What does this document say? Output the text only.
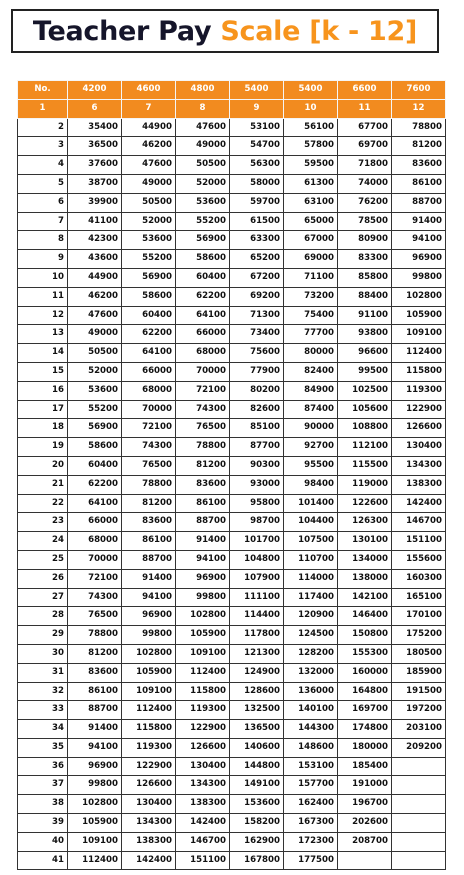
Teacher Pay Scale [k - 12]
No.	4200	4600	4800	5400	5400	6600	7600
1	6	7	8	9	10	11	12
2	35400	44900	47600	53100	56100	67700	78800
3	36500	46200	49000	54700	57800	69700	81200
4	37600	47600	50500	56300	59500	71800	83600
5	38700	49000	52000	58000	61300	74000	86100
6	39900	50500	53600	59700	63100	76200	88700
7	41100	52000	55200	61500	65000	78500	91400
8	42300	53600	56900	63300	67000	80900	94100
9	43600	55200	58600	65200	69000	83300	96900
10	44900	56900	60400	67200	71100	85800	99800
11	46200	58600	62200	69200	73200	88400	102800
12	47600	60400	64100	71300	75400	91100	105900
13	49000	62200	66000	73400	77700	93800	109100
14	50500	64100	68000	75600	80000	96600	112400
15	52000	66000	70000	77900	82400	99500	115800
16	53600	68000	72100	80200	84900	102500	119300
17	55200	70000	74300	82600	87400	105600	122900
18	56900	72100	76500	85100	90000	108800	126600
19	58600	74300	78800	87700	92700	112100	130400
20	60400	76500	81200	90300	95500	115500	134300
21	62200	78800	83600	93000	98400	119000	138300
22	64100	81200	86100	95800	101400	122600	142400
23	66000	83600	88700	98700	104400	126300	146700
24	68000	86100	91400	101700	107500	130100	151100
25	70000	88700	94100	104800	110700	134000	155600
26	72100	91400	96900	107900	114000	138000	160300
27	74300	94100	99800	111100	117400	142100	165100
28	76500	96900	102800	114400	120900	146400	170100
29	78800	99800	105900	117800	124500	150800	175200
30	81200	102800	109100	121300	128200	155300	180500
31	83600	105900	112400	124900	132000	160000	185900
32	86100	109100	115800	128600	136000	164800	191500
33	88700	112400	119300	132500	140100	169700	197200
34	91400	115800	122900	136500	144300	174800	203100
35	94100	119300	126600	140600	148600	180000	209200
36	96900	122900	130400	144800	153100	185400	
37	99800	126600	134300	149100	157700	191000	
38	102800	130400	138300	153600	162400	196700	
39	105900	134300	142400	158200	167300	202600	
40	109100	138300	146700	162900	172300	208700	
41	112400	142400	151100	167800	177500		
